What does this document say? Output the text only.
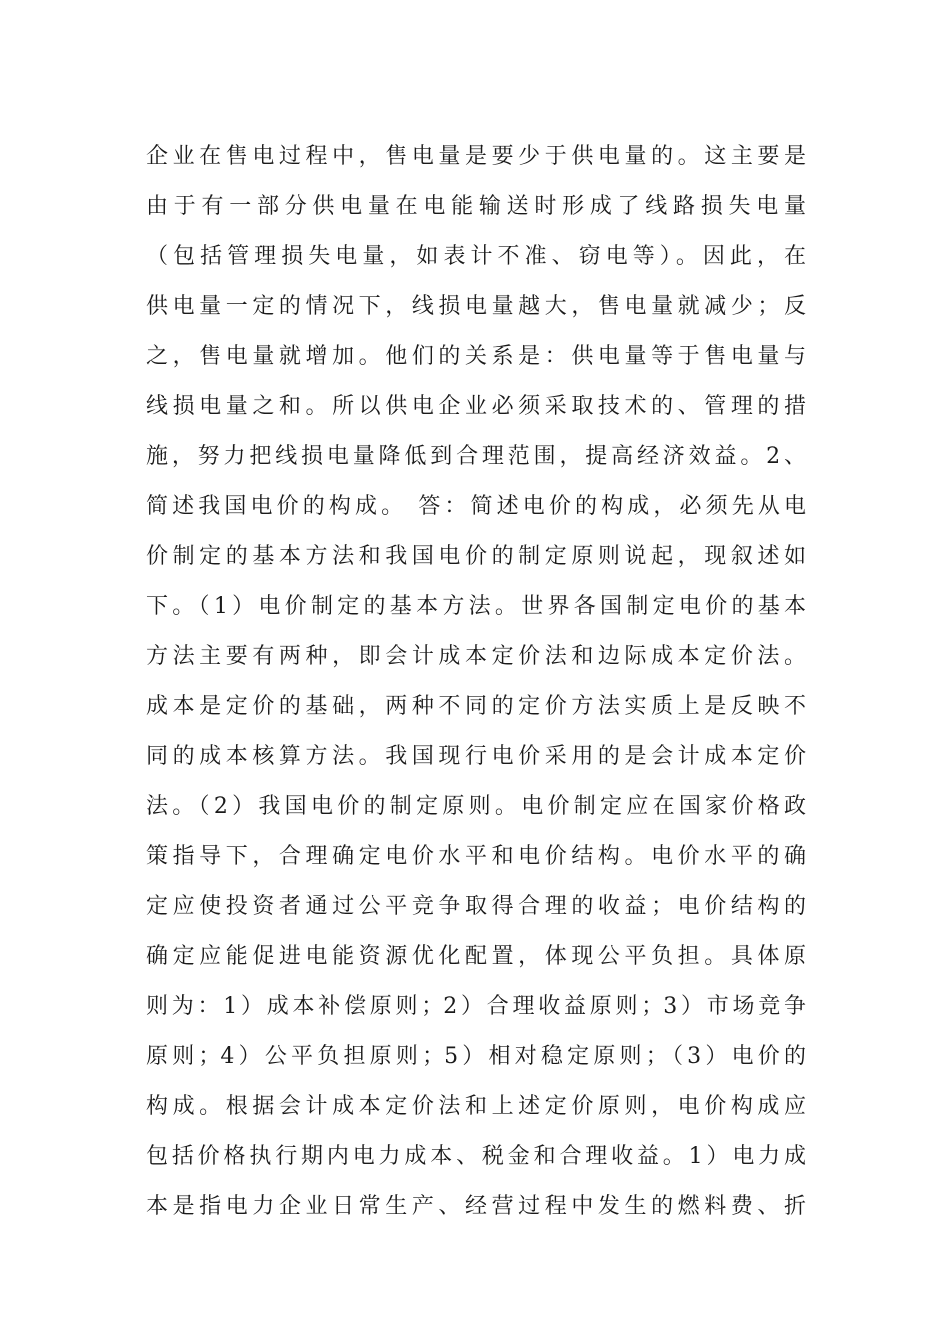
企业在售电过程中，售电量是要少于供电量的。这主要是
由于有一部分供电量在电能输送时形成了线路损失电量
（包括管理损失电量，如表计不准、窃电等）。因此，在
供电量一定的情况下，线损电量越大，售电量就减少；反
之，售电量就增加。他们的关系是：供电量等于售电量与
线损电量之和。所以供电企业必须采取技术的、管理的措
施，努力把线损电量降低到合理范围，提高经济效益。2、
简述我国电价的构成。 答：简述电价的构成，必须先从电
价制定的基本方法和我国电价的制定原则说起，现叙述如
下。（1）电价制定的基本方法。世界各国制定电价的基本
方法主要有两种，即会计成本定价法和边际成本定价法。
成本是定价的基础，两种不同的定价方法实质上是反映不
同的成本核算方法。我国现行电价采用的是会计成本定价
法。（2）我国电价的制定原则。电价制定应在国家价格政
策指导下，合理确定电价水平和电价结构。电价水平的确
定应使投资者通过公平竞争取得合理的收益；电价结构的
确定应能促进电能资源优化配置，体现公平负担。具体原
则为：1）成本补偿原则；2）合理收益原则；3）市场竞争
原则；4）公平负担原则；5）相对稳定原则；（3）电价的
构成。根据会计成本定价法和上述定价原则，电价构成应
包括价格执行期内电力成本、税金和合理收益。1）电力成
本是指电力企业日常生产、经营过程中发生的燃料费、折
